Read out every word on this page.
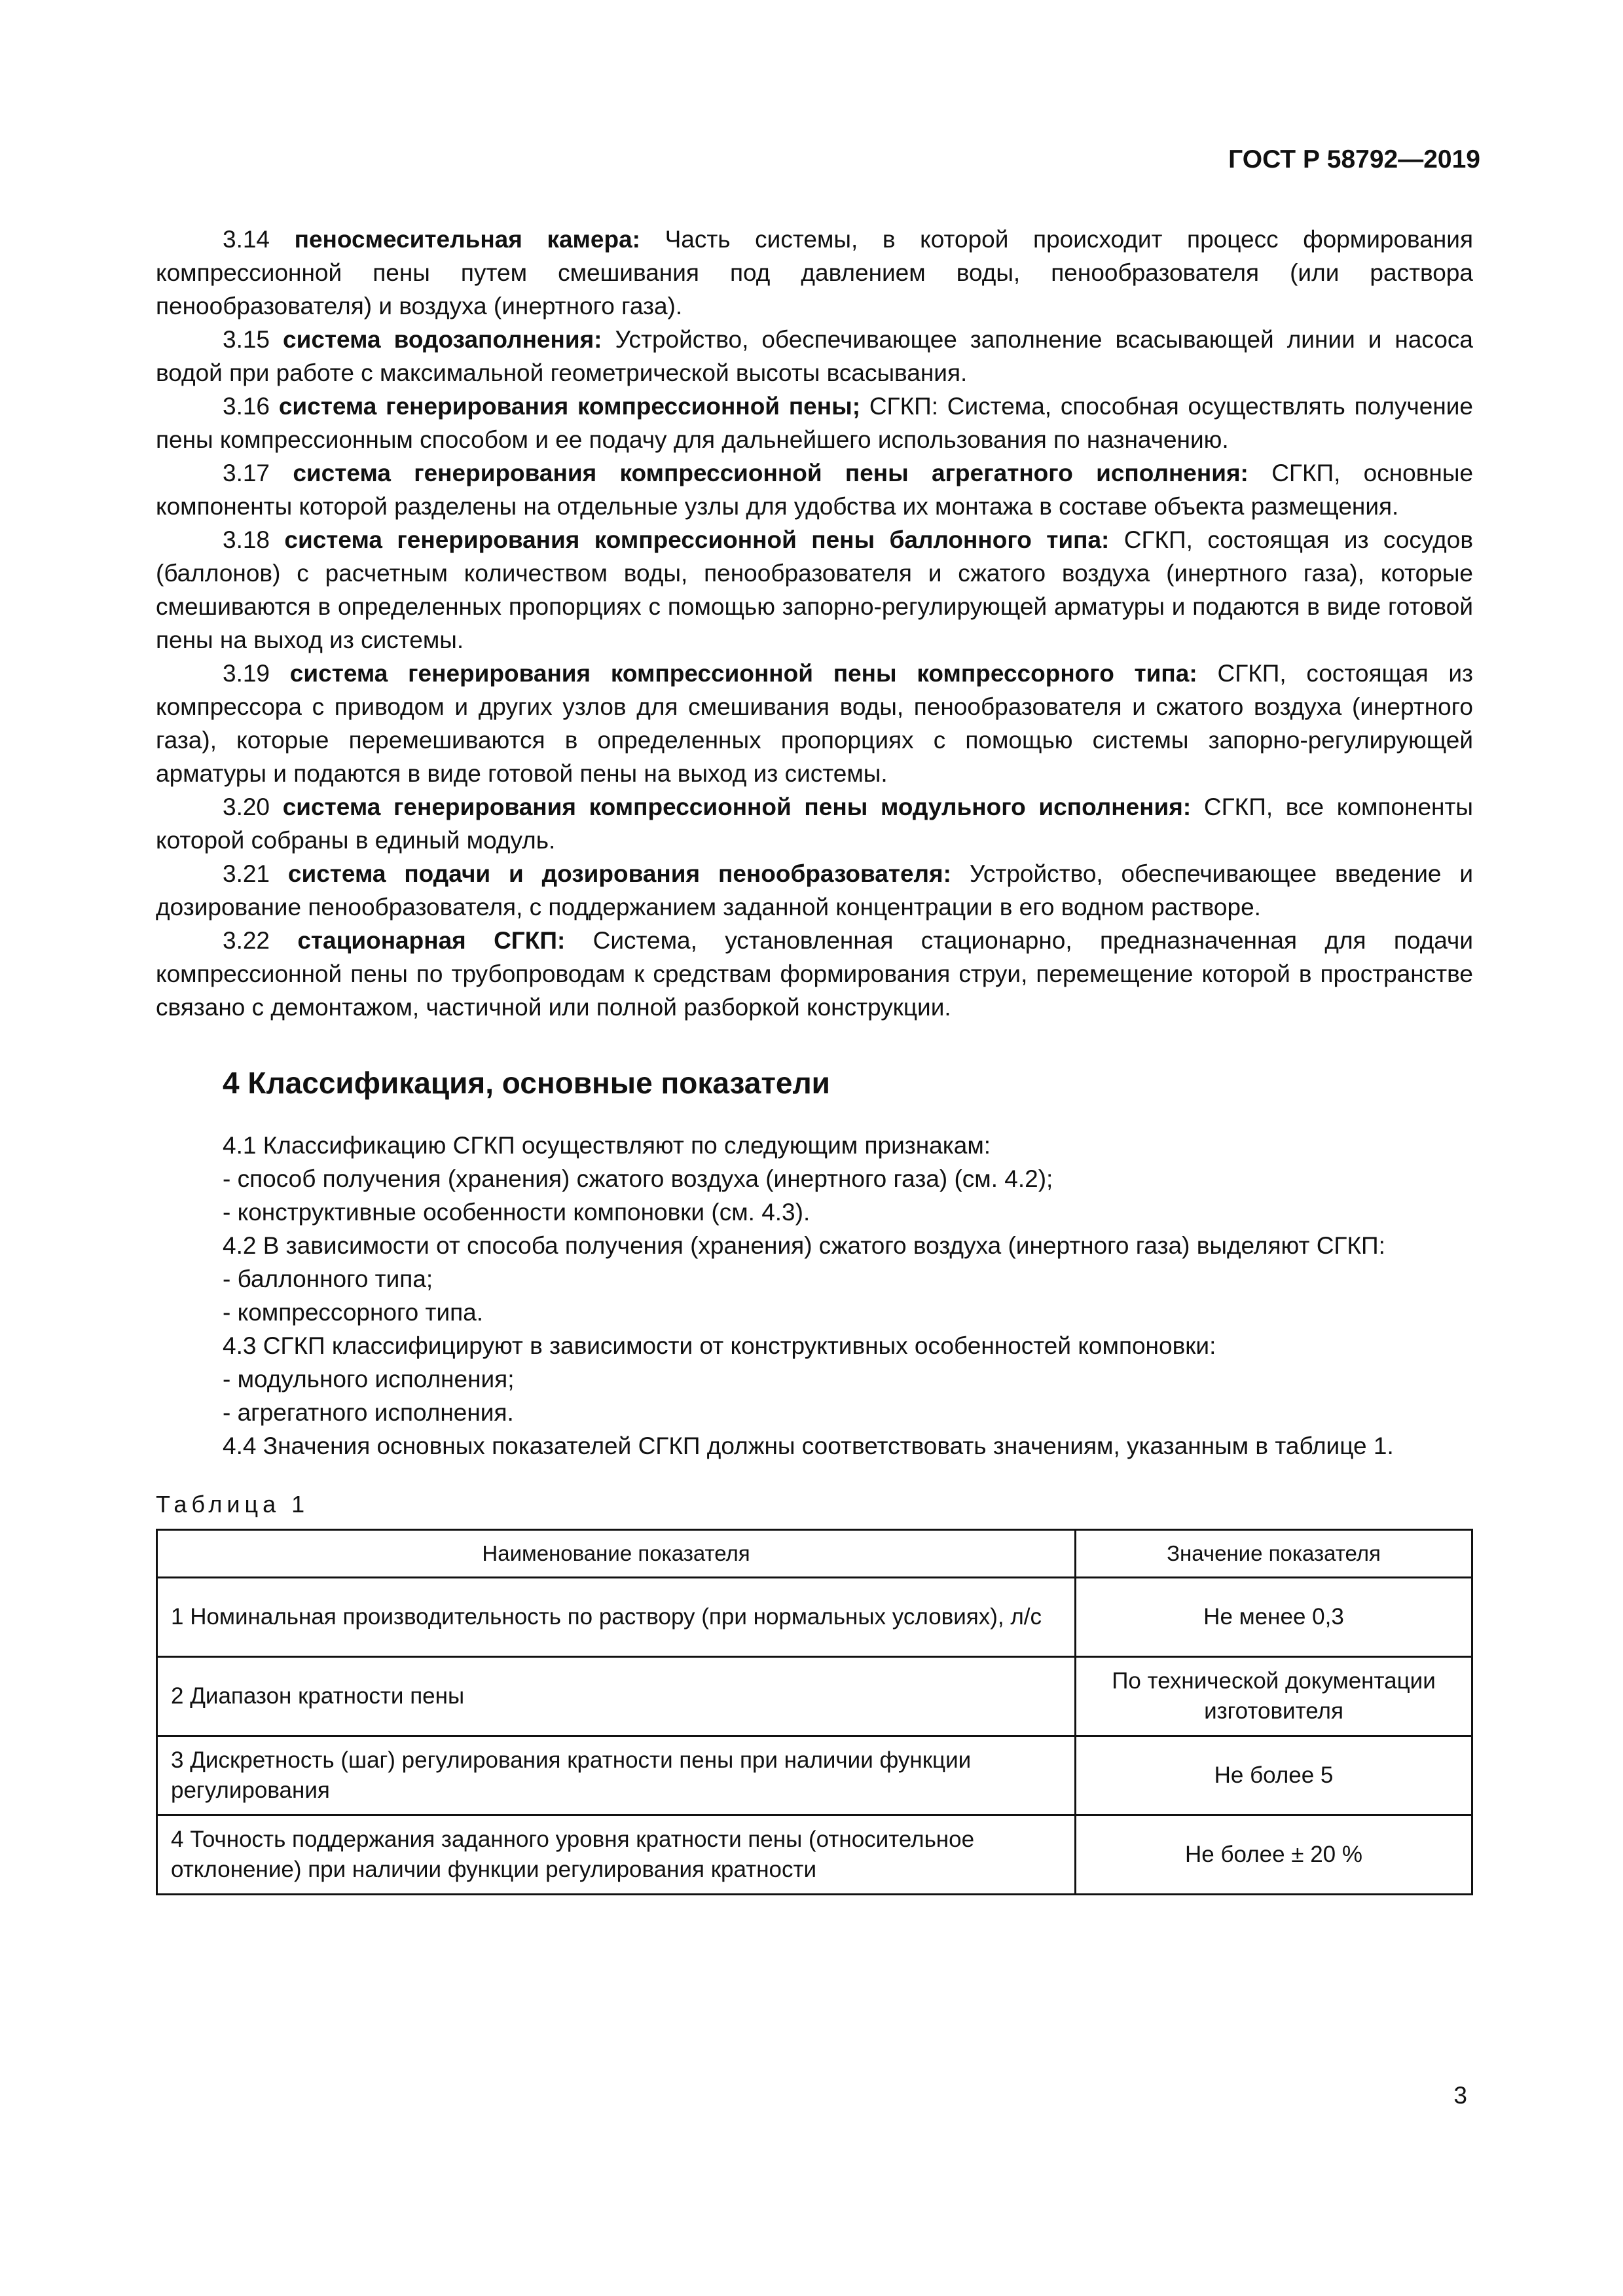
ГОСТ Р 58792—2019

3.14 пеносмесительная камера: Часть системы, в которой происходит процесс формирования компрессионной пены путем смешивания под давлением воды, пенообразователя (или раствора пенообразователя) и воздуха (инертного газа).

3.15 система водозаполнения: Устройство, обеспечивающее заполнение всасывающей линии и насоса водой при работе с максимальной геометрической высоты всасывания.

3.16 система генерирования компрессионной пены; СГКП: Система, способная осуществлять получение пены компрессионным способом и ее подачу для дальнейшего использования по назначению.

3.17 система генерирования компрессионной пены агрегатного исполнения: СГКП, основные компоненты которой разделены на отдельные узлы для удобства их монтажа в составе объекта размещения.

3.18 система генерирования компрессионной пены баллонного типа: СГКП, состоящая из сосудов (баллонов) с расчетным количеством воды, пенообразователя и сжатого воздуха (инертного газа), которые смешиваются в определенных пропорциях с помощью запорно-регулирующей арматуры и подаются в виде готовой пены на выход из системы.

3.19 система генерирования компрессионной пены компрессорного типа: СГКП, состоящая из компрессора с приводом и других узлов для смешивания воды, пенообразователя и сжатого воздуха (инертного газа), которые перемешиваются в определенных пропорциях с помощью системы запорно-регулирующей арматуры и подаются в виде готовой пены на выход из системы.

3.20 система генерирования компрессионной пены модульного исполнения: СГКП, все компоненты которой собраны в единый модуль.

3.21 система подачи и дозирования пенообразователя: Устройство, обеспечивающее введение и дозирование пенообразователя, с поддержанием заданной концентрации в его водном растворе.

3.22 стационарная СГКП: Система, установленная стационарно, предназначенная для подачи компрессионной пены по трубопроводам к средствам формирования струи, перемещение которой в пространстве связано с демонтажом, частичной или полной разборкой конструкции.

4 Классификация, основные показатели

4.1 Классификацию СГКП осуществляют по следующим признакам:

- способ получения (хранения) сжатого воздуха (инертного газа) (см. 4.2);

- конструктивные особенности компоновки (см. 4.3).

4.2 В зависимости от способа получения (хранения) сжатого воздуха (инертного газа) выделяют СГКП:

- баллонного типа;

- компрессорного типа.

4.3 СГКП классифицируют в зависимости от конструктивных особенностей компоновки:

- модульного исполнения;

- агрегатного исполнения.

4.4 Значения основных показателей СГКП должны соответствовать значениям, указанным в таблице 1.

Таблица 1
Наименование показателя	Значение показателя
1 Номинальная производительность по раствору (при нормальных условиях), л/с	Не менее 0,3
2 Диапазон кратности пены	По технической документации изготовителя
3 Дискретность (шаг) регулирования кратности пены при наличии функции регулирования	Не более 5
4 Точность поддержания заданного уровня кратности пены (относительное отклонение) при наличии функции регулирования кратности	Не более ± 20 %
3
